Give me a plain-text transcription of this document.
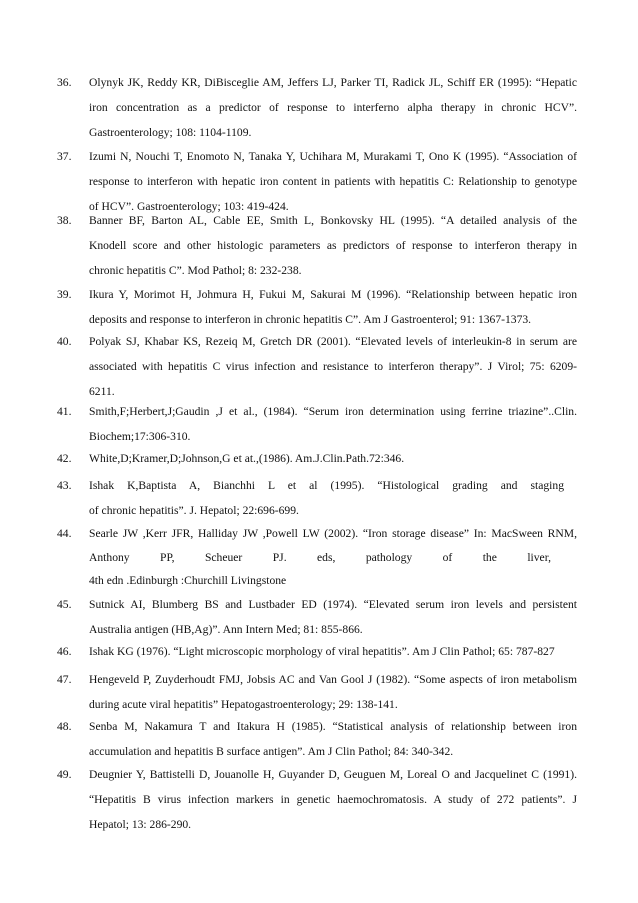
36.	Olynyk JK, Reddy KR, DiBisceglie AM, Jeffers LJ, Parker TI, Radick JL, Schiff ER (1995): “Hepatic
iron concentration as a predictor of response to interferno alpha therapy in chronic HCV”.
Gastroenterology; 108: 1104-1109.
37.	Izumi N, Nouchi T, Enomoto N, Tanaka Y, Uchihara M, Murakami T, Ono K (1995). “Association of
response to interferon with hepatic iron content in patients with hepatitis C: Relationship to genotype
of HCV”. Gastroenterology; 103: 419-424.
38.	Banner BF, Barton AL, Cable EE, Smith L, Bonkovsky HL (1995). “A detailed analysis of the
Knodell score and other histologic parameters as predictors of response to interferon therapy in
chronic hepatitis C”. Mod Pathol; 8: 232-238.
39.	Ikura Y, Morimot H, Johmura H, Fukui M, Sakurai M (1996). “Relationship between hepatic iron
deposits and response to interferon in chronic hepatitis C”. Am J Gastroenterol; 91: 1367-1373.
40.	Polyak SJ, Khabar KS, Rezeiq M, Gretch DR (2001). “Elevated levels of interleukin-8 in serum are
associated with hepatitis C virus infection and resistance to interferon therapy”. J Virol; 75: 6209-
6211.
41.	Smith,F;Herbert,J;Gaudin ,J et al., (1984). “Serum iron determination using ferrine triazine”..Clin.
Biochem;17:306-310.
42.	White,D;Kramer,D;Johnson,G et at.,(1986). Am.J.Clin.Path.72:346.
43.	Ishak K,Baptista A, Bianchhi L et al (1995). “Histological grading and staging
of chronic hepatitis”. J. Hepatol; 22:696-699.
44.	Searle JW ,Kerr JFR, Halliday JW ,Powell LW (2002). “Iron storage disease” In: MacSween RNM,
Anthony PP, Scheuer PJ. eds, pathology of the liver,
4th edn .Edinburgh :Churchill Livingstone
45.	Sutnick AI, Blumberg BS and Lustbader ED (1974). “Elevated serum iron levels and persistent
Australia antigen (HB,Ag)”. Ann Intern Med; 81: 855-866.
46.	Ishak KG (1976). “Light microscopic morphology of viral hepatitis”. Am J Clin Pathol; 65: 787-827
47.	Hengeveld P, Zuyderhoudt FMJ, Jobsis AC and Van Gool J (1982). “Some aspects of iron metabolism
during acute viral hepatitis” Hepatogastroenterology; 29: 138-141.
48.	Senba M, Nakamura T and Itakura H (1985). “Statistical analysis of relationship between iron
accumulation and hepatitis B surface antigen”. Am J Clin Pathol; 84: 340-342.
49.	Deugnier Y, Battistelli D, Jouanolle H, Guyander D, Geuguen M, Loreal O and Jacquelinet C (1991).
“Hepatitis B virus infection markers in genetic haemochromatosis. A study of 272 patients”. J
Hepatol; 13: 286-290.
